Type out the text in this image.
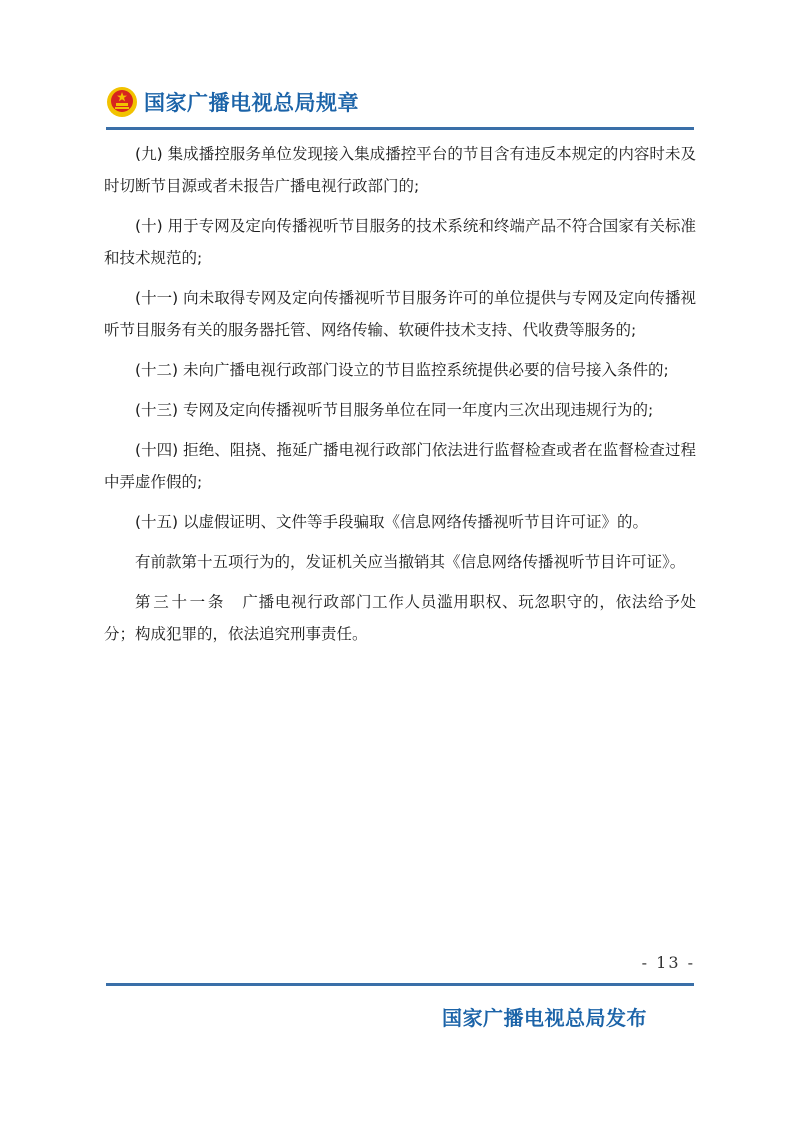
国家广播电视总局规章

(九) 集成播控服务单位发现接入集成播控平台的节目含有违反本规定的内容时未及时切断节目源或者未报告广播电视行政部门的;

(十) 用于专网及定向传播视听节目服务的技术系统和终端产品不符合国家有关标准和技术规范的;

(十一) 向未取得专网及定向传播视听节目服务许可的单位提供与专网及定向传播视听节目服务有关的服务器托管、网络传输、软硬件技术支持、代收费等服务的;

(十二) 未向广播电视行政部门设立的节目监控系统提供必要的信号接入条件的;

(十三) 专网及定向传播视听节目服务单位在同一年度内三次出现违规行为的;

(十四) 拒绝、阻挠、拖延广播电视行政部门依法进行监督检查或者在监督检查过程中弄虚作假的;

(十五) 以虚假证明、文件等手段骗取《信息网络传播视听节目许可证》的。

有前款第十五项行为的，发证机关应当撤销其《信息网络传播视听节目许可证》。

第三十一条　 广播电视行政部门工作人员滥用职权、玩忽职守的，依法给予处分；构成犯罪的，依法追究刑事责任。

- 13 -
国家广播电视总局发布
